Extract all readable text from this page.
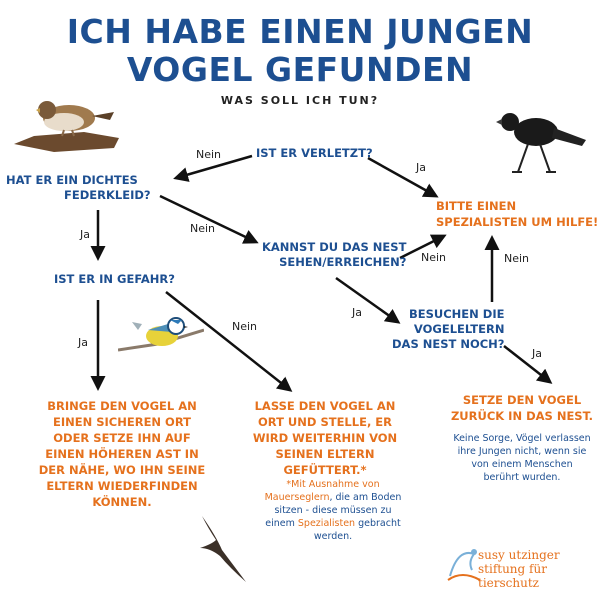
ICH HABE EINEN JUNGEN
VOGEL GEFUNDEN
WAS SOLL ICH TUN?
IST ER VERLETZT?
HAT ER EIN DICHTES
FEDERKLEID?
KANNST DU DAS NEST
SEHEN/ERREICHEN?
IST ER IN GEFAHR?
BESUCHEN DIE
VOGELELTERN
DAS NEST NOCH?
BITTE EINEN
SPEZIALISTEN UM HILFE!
Nein
Ja
Ja	Nein
Ja
Nein
Nein
Ja
Nein
Ja
BRINGE DEN VOGEL AN
EINEN SICHEREN ORT
ODER SETZE IHN AUF
EINEN HÖHEREN AST IN
DER NÄHE, WO IHN SEINE
ELTERN WIEDERFINDEN
KÖNNEN.
LASSE DEN VOGEL AN
ORT UND STELLE, ER
WIRD WEITERHIN VON
SEINEN ELTERN
GEFÜTTERT.*
SETZE DEN VOGEL
ZURÜCK IN DAS NEST.
*Mit Ausnahme von
Mauerseglern, die am Boden
sitzen - diese müssen zu
einem Spezialisten gebracht
werden.
Keine Sorge, Vögel verlassen
ihre Jungen nicht, wenn sie
von einem Menschen
berührt wurden.
susy utzinger
stiftung für tierschutz
